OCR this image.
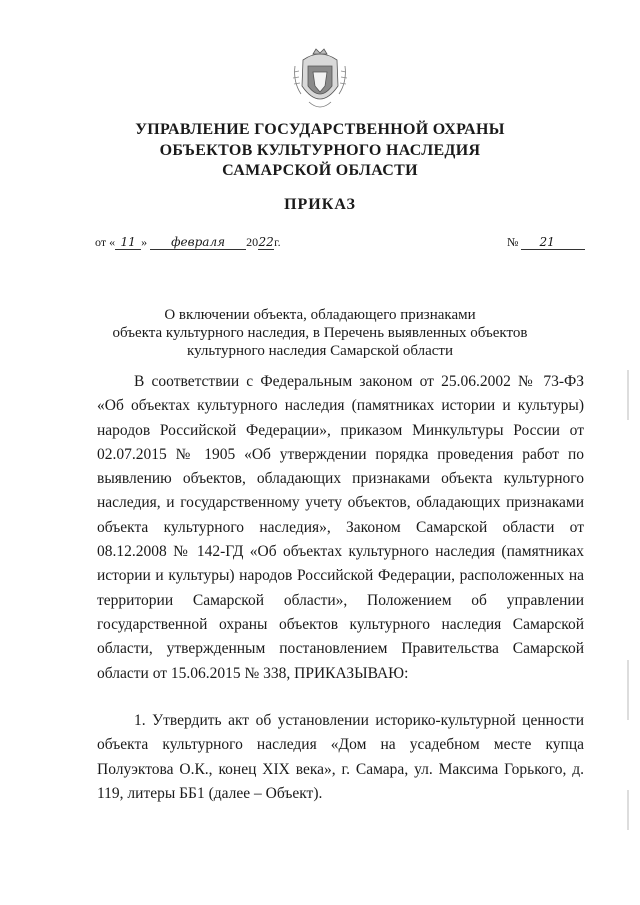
УПРАВЛЕНИЕ ГОСУДАРСТВЕННОЙ ОХРАНЫ
ОБЪЕКТОВ КУЛЬТУРНОГО НАСЛЕДИЯ
САМАРСКОЙ ОБЛАСТИ
ПРИКАЗ
от « 11 » февраля 2022г.	№ 21
О включении объекта, обладающего признаками
объекта культурного наследия, в Перечень выявленных объектов
культурного наследия Самарской области
В соответствии с Федеральным законом от 25.06.2002 № 73-ФЗ «Об объектах культурного наследия (памятниках истории и культуры) народов Российской Федерации», приказом Минкультуры России от 02.07.2015 № 1905 «Об утверждении порядка проведения работ по выявлению объектов, обладающих признаками объекта культурного наследия, и государственному учету объектов, обладающих признаками объекта культурного наследия», Законом Самарской области от 08.12.2008 № 142-ГД «Об объектах культурного наследия (памятниках истории и культуры) народов Российской Федерации, расположенных на территории Самарской области», Положением об управлении государственной охраны объектов культурного наследия Самарской области, утвержденным постановлением Правительства Самарской области от 15.06.2015 № 338, ПРИКАЗЫВАЮ:
1. Утвердить акт об установлении историко-культурной ценности объекта культурного наследия «Дом на усадебном месте купца Полуэктова О.К., конец XIX века», г. Самара, ул. Максима Горького, д. 119, литеры ББ1 (далее – Объект).
